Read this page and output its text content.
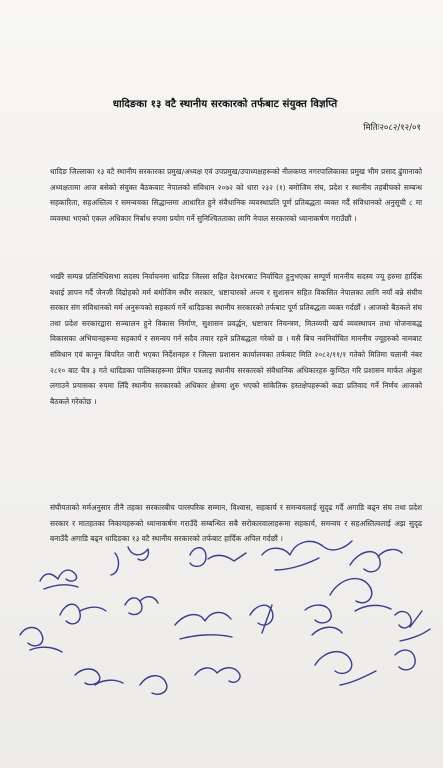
धादिङका १३ वटै स्थानीय सरकारको तर्फबाट संयुक्त विज्ञप्ति
मितिः२०८२/१२/०१
धादिङ जिल्लाका १३ वटै स्थानीय सरकारका प्रमुख/अध्यक्ष एवं उपप्रमुख/उपाध्यक्षहरूको नीलकण्ठ नगरपालिकाका प्रमुख भीम प्रसाद ढुंगानाको अध्यक्षतामा आज बसेको संयुक्त बैठकबाट नेपालको संविधान २०७२ को धारा २३२ (१) बमोजिम संघ, प्रदेश र स्थानीय तहबीचको सम्बन्ध सहकारिता, सहअस्तित्व र समन्वयका सिद्धान्तमा आधारित हुने संवैधानिक व्यवस्थाप्रति पूर्ण प्रतिबद्धता व्यक्त गर्दै संविधानको अनुसूची ८ मा व्यवस्था भएको एकल अधिकार निर्बाध रुपमा प्रयोग गर्ने सुनिश्चितताका लागि नेपाल सरकारको ध्यानाकर्षण गराउँछौं ।
भर्खरै सम्पन्न प्रतिनिधिसभा सदस्य निर्वाचनमा धादिङ जिल्ला सहित देशभरबाट निर्वाचित हुनुभएका सम्पूर्ण माननीय सदस्य ज्यू हरुमा हार्दिक बधाई ज्ञापन गर्दै जेनजी विद्रोहको मर्म बमोजिम स्थीर सरकार, भ्रष्टाचारको अन्त्य र सुशासन सहित विकसित नेपालका लागि नयाँ बन्ने संघीय सरकार संग संविधानको मर्म अनुरूपको सहकार्य गर्ने धादिङका स्थानीय सरकारको तर्फबाट पूर्ण प्रतिबद्धता व्यक्त गर्दछौं । आजको बैठकले संघ तथा प्रदेश सरकारद्वारा सञ्चालन हुने विकास निर्माण, सुशासन प्रवर्द्धन, भ्रष्टाचार नियन्त्रण, मितव्ययी खर्च व्यवस्थापन तथा योजनाबद्ध विकासका अभियानहरूमा सहकार्य र समन्वय गर्न सदैव तयार रहने प्रतिबद्धता गरेको छ । यसै बिच नवनिर्वाचित माननीय ज्यूहरुको नामबाट संविधान एवं कानून बिपरित जारी भएका निर्देशनहरु र जिल्ला प्रशासन कार्यालयका तर्फबाट मिति २०८२/११/१ गतेको मितिमा चलानी नंबर २८१० बाट चैत्र ३ गते धादिङका पालिकाहरूमा प्रेषित पत्रलाइ स्थानीय सरकारको संवैधानिक अधिकारहरु कुण्ठित गरि प्रशासन मार्फत अंकुश लगाउने प्रयासका रुपमा लिँदै स्थानीय सरकारको अधिकार क्षेत्रमा शुरु भएको सांकेतिक हस्तक्षेपहरूको कडा प्रतिवाद गर्ने निर्णय आजको बैठकले गरेकोछ ।
संघीयताको मर्मअनुसार तीनै तहका सरकारबीच पारस्परिक सम्मान, विश्वास, सहकार्य र समन्वयलाई सुदृढ गर्दै अगाडि बढ्न संघ तथा प्रदेश सरकार र मातहतका निकायहरूको ध्यानाकर्षण गराउँदै सम्बन्धित सबै सरोकारवालाहरूमा सहकार्य, समन्वय र सहअस्तित्वलाई अझ सुदृढ बनाउँदै अगाडि बढ्न धादिङका १३ वटै स्थानीय सरकारको तर्फबाट हार्दिक अपिल गर्दछौं ।
